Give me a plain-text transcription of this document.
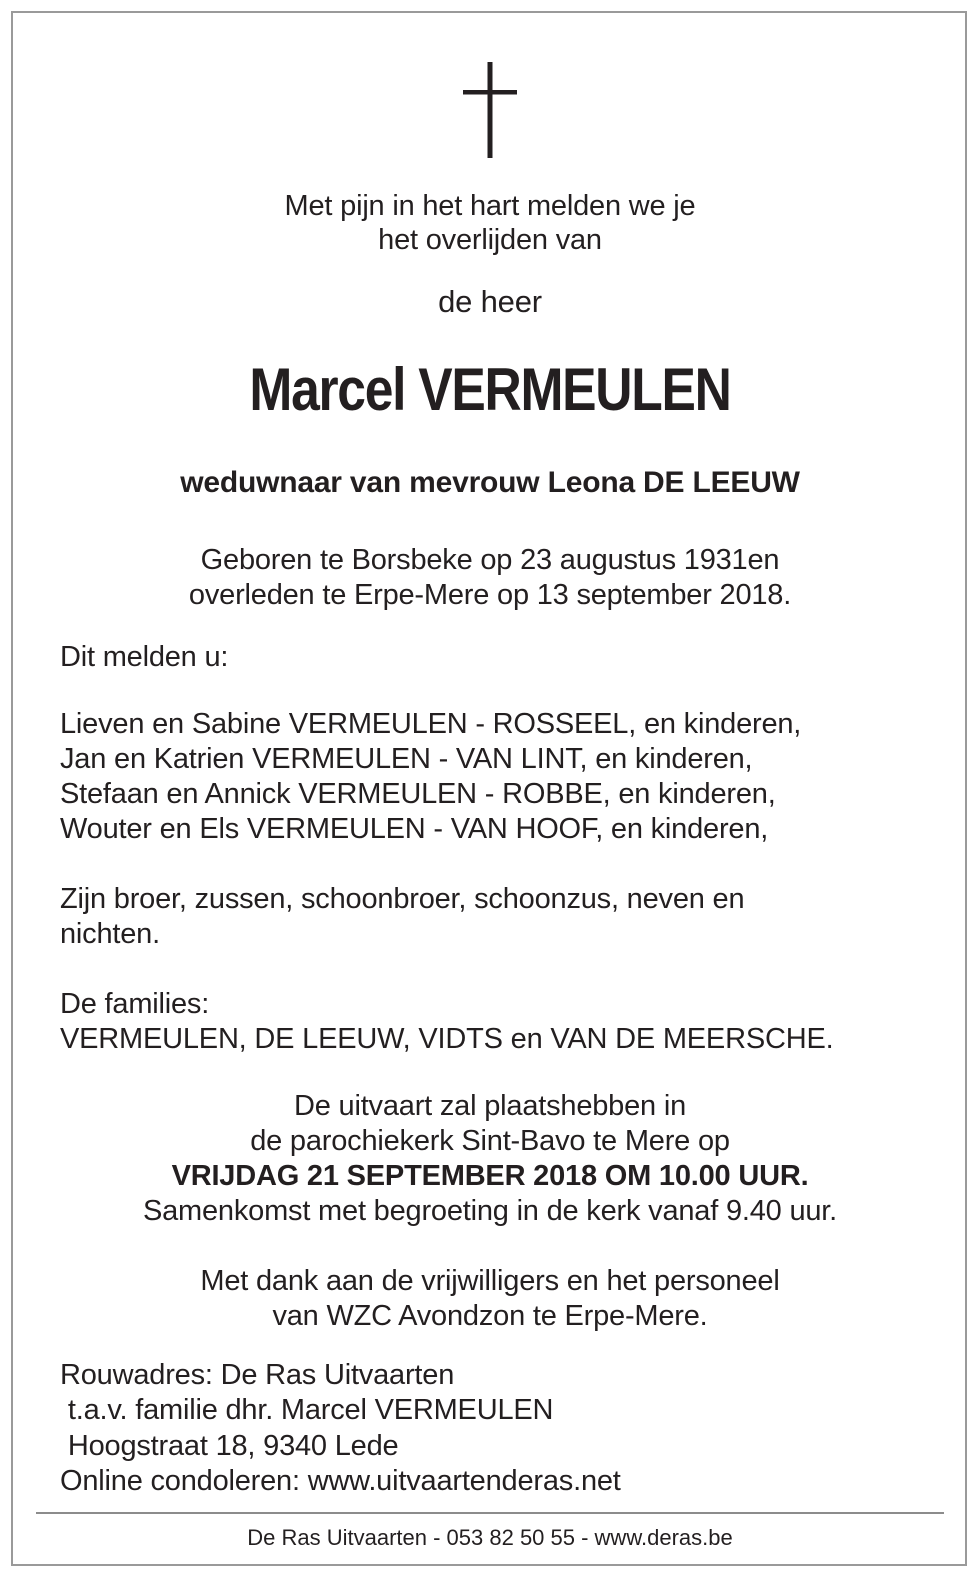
Met pijn in het hart melden we je
het overlijden van
de heer
Marcel VERMEULEN
weduwnaar van mevrouw Leona DE LEEUW
Geboren te Borsbeke op 23 augustus 1931en
overleden te Erpe-Mere op 13 september 2018.
Dit melden u:
Lieven en Sabine VERMEULEN - ROSSEEL, en kinderen,
Jan en Katrien VERMEULEN - VAN LINT, en kinderen,
Stefaan en Annick VERMEULEN - ROBBE, en kinderen,
Wouter en Els VERMEULEN - VAN HOOF, en kinderen,
Zijn broer, zussen, schoonbroer, schoonzus, neven en
nichten.
De families:
VERMEULEN, DE LEEUW, VIDTS en VAN DE MEERSCHE.
De uitvaart zal plaatshebben in
de parochiekerk Sint-Bavo te Mere op
VRIJDAG 21 SEPTEMBER 2018 OM 10.00 UUR.
Samenkomst met begroeting in de kerk vanaf 9.40 uur.
Met dank aan de vrijwilligers en het personeel
van WZC Avondzon te Erpe-Mere.
Rouwadres: De Ras Uitvaarten
t.a.v. familie dhr. Marcel VERMEULEN
Hoogstraat 18, 9340 Lede
Online condoleren: www.uitvaartenderas.net
De Ras Uitvaarten - 053 82 50 55 - www.deras.be
